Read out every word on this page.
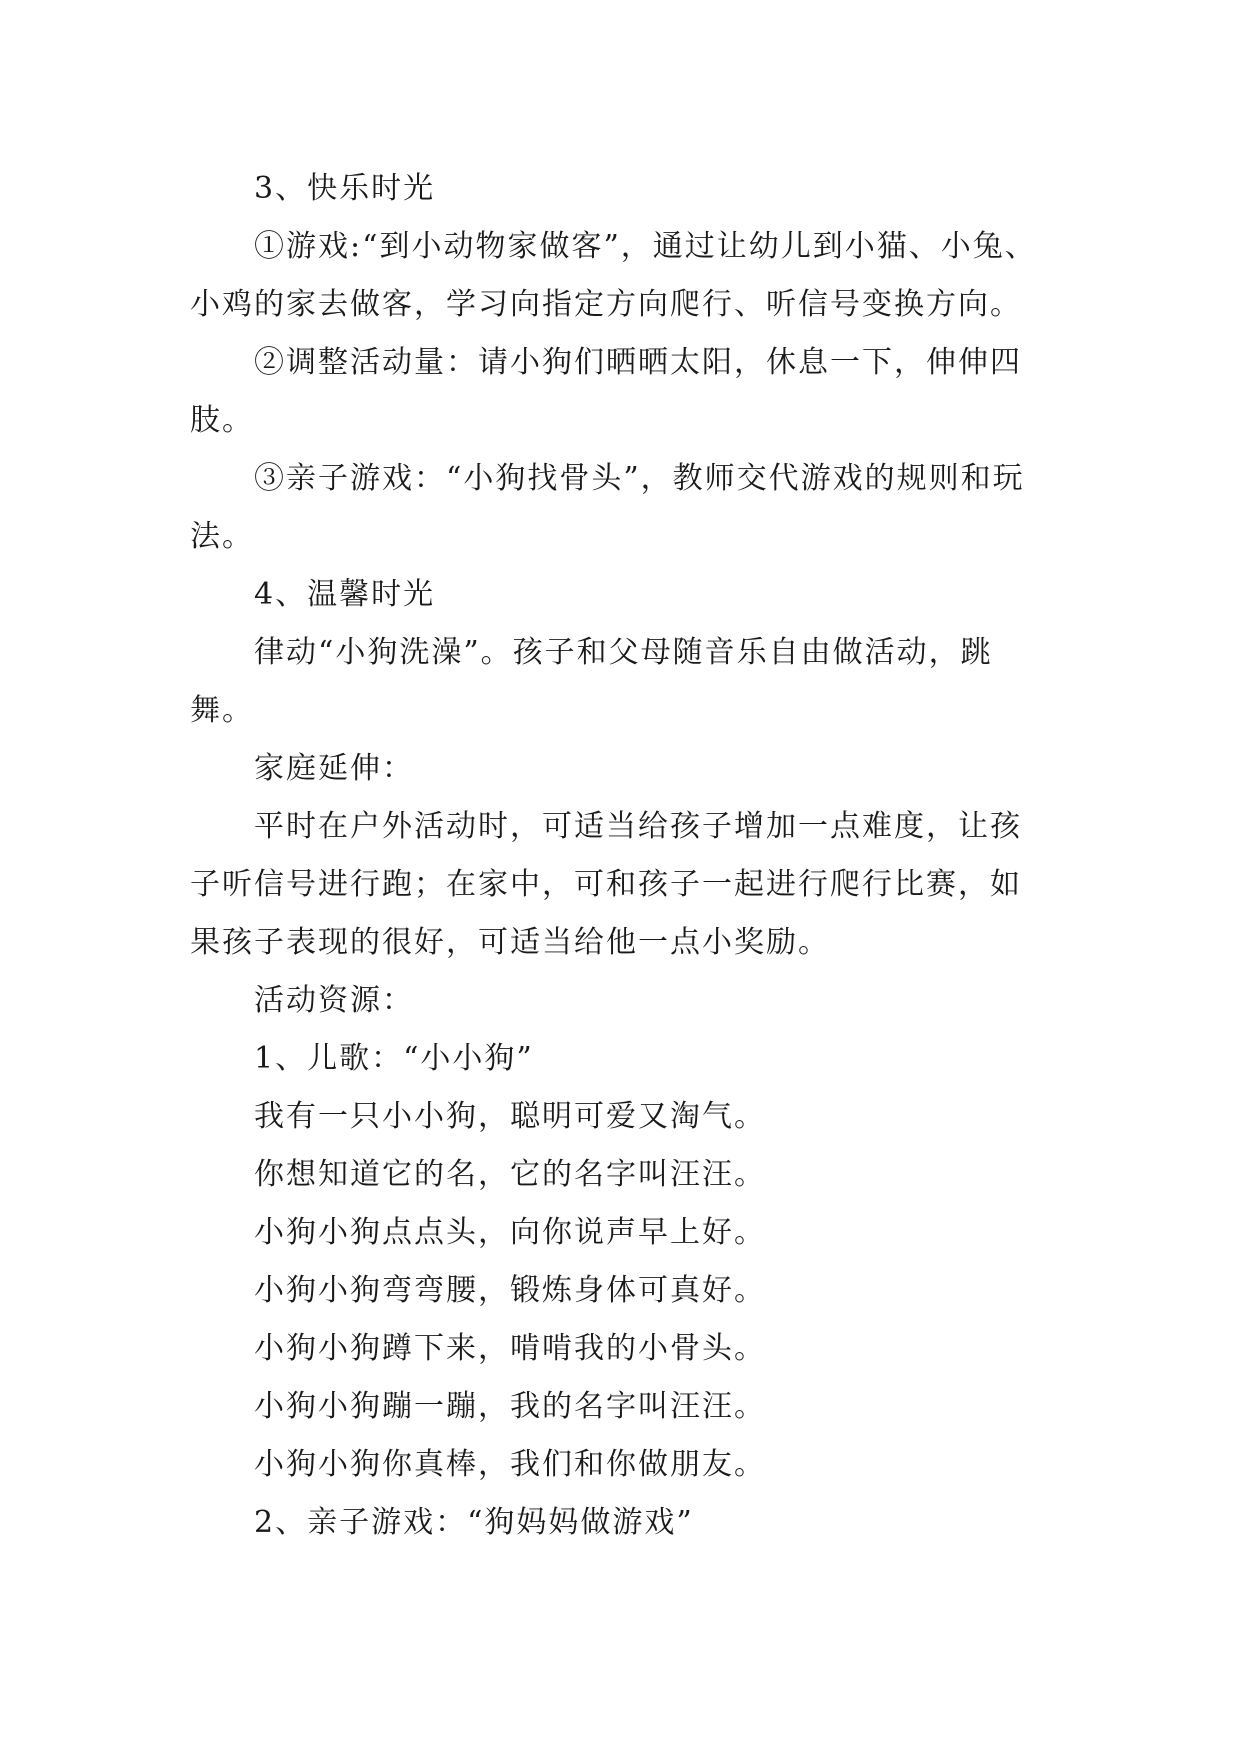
3、快乐时光
①游戏:“到小动物家做客”，通过让幼儿到小猫、小兔、
小鸡的家去做客，学习向指定方向爬行、听信号变换方向。
②调整活动量：请小狗们晒晒太阳，休息一下，伸伸四
肢。
③亲子游戏：“小狗找骨头”，教师交代游戏的规则和玩
法。
4、温馨时光
律动“小狗洗澡”。孩子和父母随音乐自由做活动，跳
舞。
家庭延伸：
平时在户外活动时，可适当给孩子增加一点难度，让孩
子听信号进行跑；在家中，可和孩子一起进行爬行比赛，如
果孩子表现的很好，可适当给他一点小奖励。
活动资源：
1、儿歌：“小小狗”
我有一只小小狗，聪明可爱又淘气。
你想知道它的名，它的名字叫汪汪。
小狗小狗点点头，向你说声早上好。
小狗小狗弯弯腰，锻炼身体可真好。
小狗小狗蹲下来，啃啃我的小骨头。
小狗小狗蹦一蹦，我的名字叫汪汪。
小狗小狗你真棒，我们和你做朋友。
2、亲子游戏：“狗妈妈做游戏”
